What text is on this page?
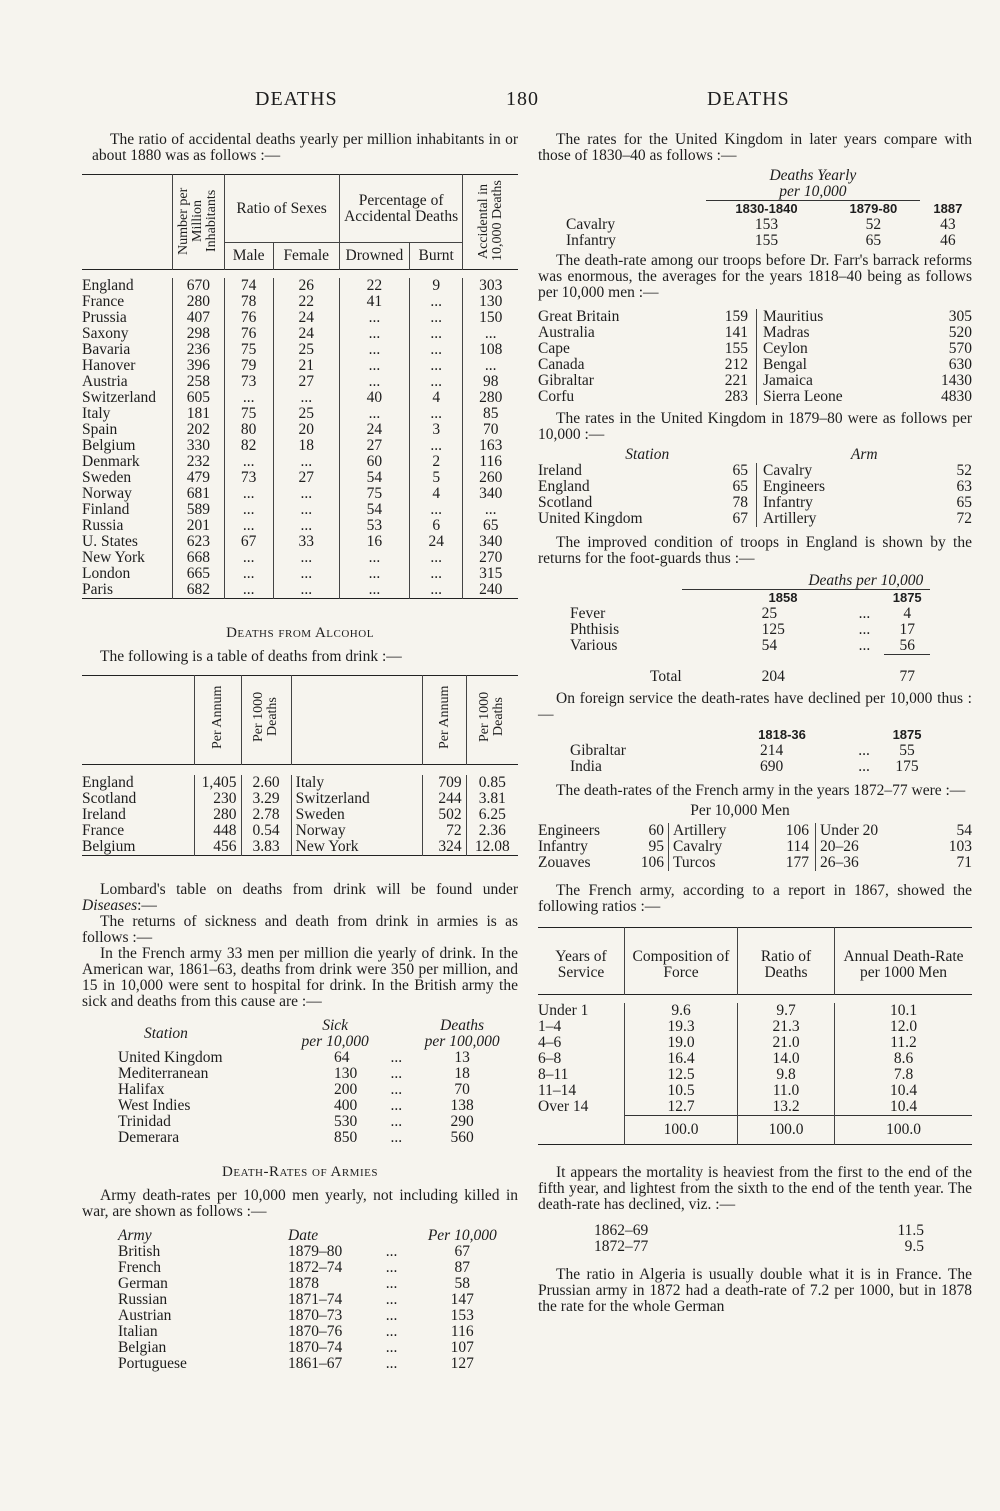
DEATHS	180	DEATHS

The ratio of accidental deaths yearly per million inhabitants in or about 1880 was as follows :—

	Number per Million Inhabitants	Ratio of Sexes		Percentage of Accidental Deaths		Accidental in 10,000 Deaths

		Male	Female	Drowned	Burnt	

England	670	74	26	22	9	303
France	280	78	22	41	...	130
Prussia	407	76	24	...	...	150
Saxony	298	76	24	...	...	...
Bavaria	236	75	25	...	...	108
Hanover	396	79	21	...	...	...
Austria	258	73	27	...	...	98
Switzerland	605	...	...	40	4	280
Italy	181	75	25	...	...	85
Spain	202	80	20	24	3	70
Belgium	330	82	18	27	...	163
Denmark	232	...	...	60	2	116
Sweden	479	73	27	54	5	260
Norway	681	...	...	75	4	340
Finland	589	...	...	54	...	...
Russia	201	...	...	53	6	65
U. States	623	67	33	16	24	340
New York	668	...	...	...	...	270
London	665	...	...	...	...	315
Paris	682	...	...	...	...	240

Deaths from Alcohol

The following is a table of deaths from drink :—

	Per Annum	Per 1000 Deaths		Per Annum	Per 1000 Deaths

England	1,405	2.60	Italy	709	0.85
Scotland	230	3.29	Switzerland	244	3.81
Ireland	280	2.78	Sweden	502	6.25
France	448	0.54	Norway	72	2.36
Belgium	456	3.83	New York	324	12.08

Lombard's table on deaths from drink will be found under Diseases:—

The returns of sickness and death from drink in armies is as follows :—

In the French army 33 men per million die yearly of drink. In the American war, 1861–63, deaths from drink were 350 per million, and 15 in 10,000 were sent to hospital for drink. In the British army the sick and deaths from this cause are :—

Station	Sick		Deaths
	per 10,000		per 100,000
United Kingdom	64	...	13
Mediterranean	130	...	18
Halifax	200	...	70
West Indies	400	...	138
Trinidad	530	...	290
Demerara	850	...	560
Death-Rates of Armies

Army death-rates per 10,000 men yearly, not including killed in war, are shown as follows :—

Army	Date		Per 10,000
British	1879–80	...	67
French	1872–74	...	87
German	1878	...	58
Russian	1871–74	...	147
Austrian	1870–73	...	153
Italian	1870–76	...	116
Belgian	1870–74	...	107
Portuguese	1861–67	...	127

The rates for the United Kingdom in later years compare with those of 1830–40 as follows :—

	Deaths Yearly		
	per 10,000		
	1830-1840	1879-80	1887
Cavalry	153	52	43
Infantry	155	65	46

The death-rate among our troops before Dr. Farr's barrack reforms was enormous, the averages for the years 1818–40 being as follows per 10,000 men :—

Great Britain	159	Mauritius	305
Australia	141	Madras	520
Cape	155	Ceylon	570
Canada	212	Bengal	630
Gibraltar	221	Jamaica	1430
Corfu	283	Sierra Leone	4830

The rates in the United Kingdom in 1879–80 were as follows per 10,000 :—

Station		Arm	
Ireland	65	Cavalry	52
England	65	Engineers	63
Scotland	78	Infantry	65
United Kingdom	67	Artillery	72

The improved condition of troops in England is shown by the returns for the foot-guards thus :—

	Deaths per 10,000		
	1858		1875
Fever	25	...	4
Phthisis	125	...	17
Various	54	...	56
Total	204		77

On foreign service the death-rates have declined per 10,000 thus :—

	1818-36		1875
Gibraltar	214	...	55
India	690	...	175

The death-rates of the French army in the years 1872–77 were :—

Per 10,000 Men
Engineers	60	Artillery	106	Under 20	54
Infantry	95	Cavalry	114	20–26	103
Zouaves	106	Turcos	177	26–36	71

The French army, according to a report in 1867, showed the following ratios :—

Years of Service	Composition of Force	Ratio of Deaths	Annual Death-Rate per 1000 Men

Under 1	9.6	9.7	10.1
1–4	19.3	21.3	12.0
4–6	19.0	21.0	11.2
6–8	16.4	14.0	8.6
8–11	12.5	9.8	7.8
11–14	10.5	11.0	10.4
Over 14	12.7	13.2	10.4
	100.0	100.0	100.0

It appears the mortality is heaviest from the first to the end of the fifth year, and lightest from the sixth to the end of the tenth year. The death-rate has declined, viz. :—

1862–69	11.5
1872–77	9.5

The ratio in Algeria is usually double what it is in France. The Prussian army in 1872 had a death-rate of 7.2 per 1000, but in 1878 the rate for the whole German
